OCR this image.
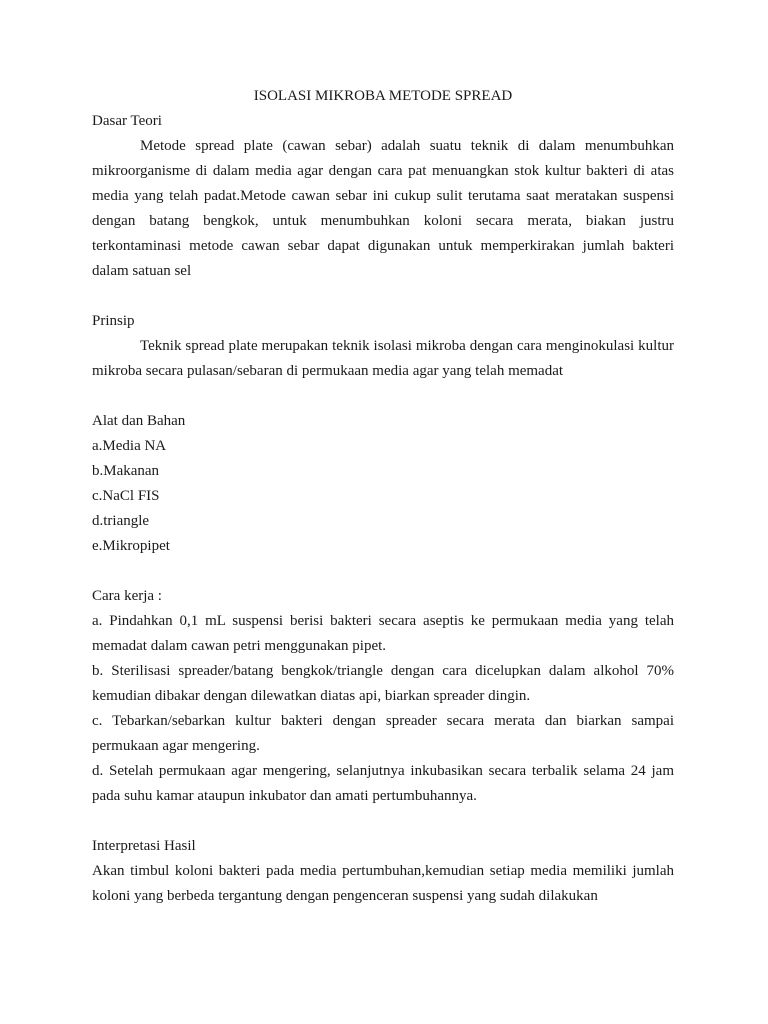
ISOLASI MIKROBA METODE SPREAD

Dasar Teori

Metode spread plate (cawan sebar) adalah suatu teknik di dalam menumbuhkan mikroorganisme di dalam media agar dengan cara pat menuangkan stok kultur bakteri di atas media yang telah padat.Metode cawan sebar ini cukup sulit terutama saat meratakan suspensi dengan batang bengkok, untuk menumbuhkan koloni secara merata, biakan justru terkontaminasi metode cawan sebar dapat digunakan untuk memperkirakan jumlah bakteri dalam satuan sel

Prinsip

Teknik spread plate merupakan teknik isolasi mikroba dengan cara menginokulasi kultur mikroba secara pulasan/sebaran di permukaan media agar yang telah memadat

Alat dan Bahan

a.Media NA

b.Makanan

c.NaCl FIS

d.triangle

e.Mikropipet

Cara kerja :

a. Pindahkan 0,1 mL suspensi berisi bakteri secara aseptis ke permukaan media yang telah memadat dalam cawan petri menggunakan pipet.

b. Sterilisasi spreader/batang bengkok/triangle dengan cara dicelupkan dalam alkohol 70% kemudian dibakar dengan dilewatkan diatas api, biarkan spreader dingin.

c. Tebarkan/sebarkan kultur bakteri dengan spreader secara merata dan biarkan sampai permukaan agar mengering.

d. Setelah permukaan agar mengering, selanjutnya inkubasikan secara terbalik selama 24 jam pada suhu kamar ataupun inkubator dan amati pertumbuhannya.

Interpretasi Hasil

Akan timbul koloni bakteri pada media pertumbuhan,kemudian setiap media memiliki jumlah koloni yang berbeda tergantung dengan pengenceran suspensi yang sudah dilakukan
